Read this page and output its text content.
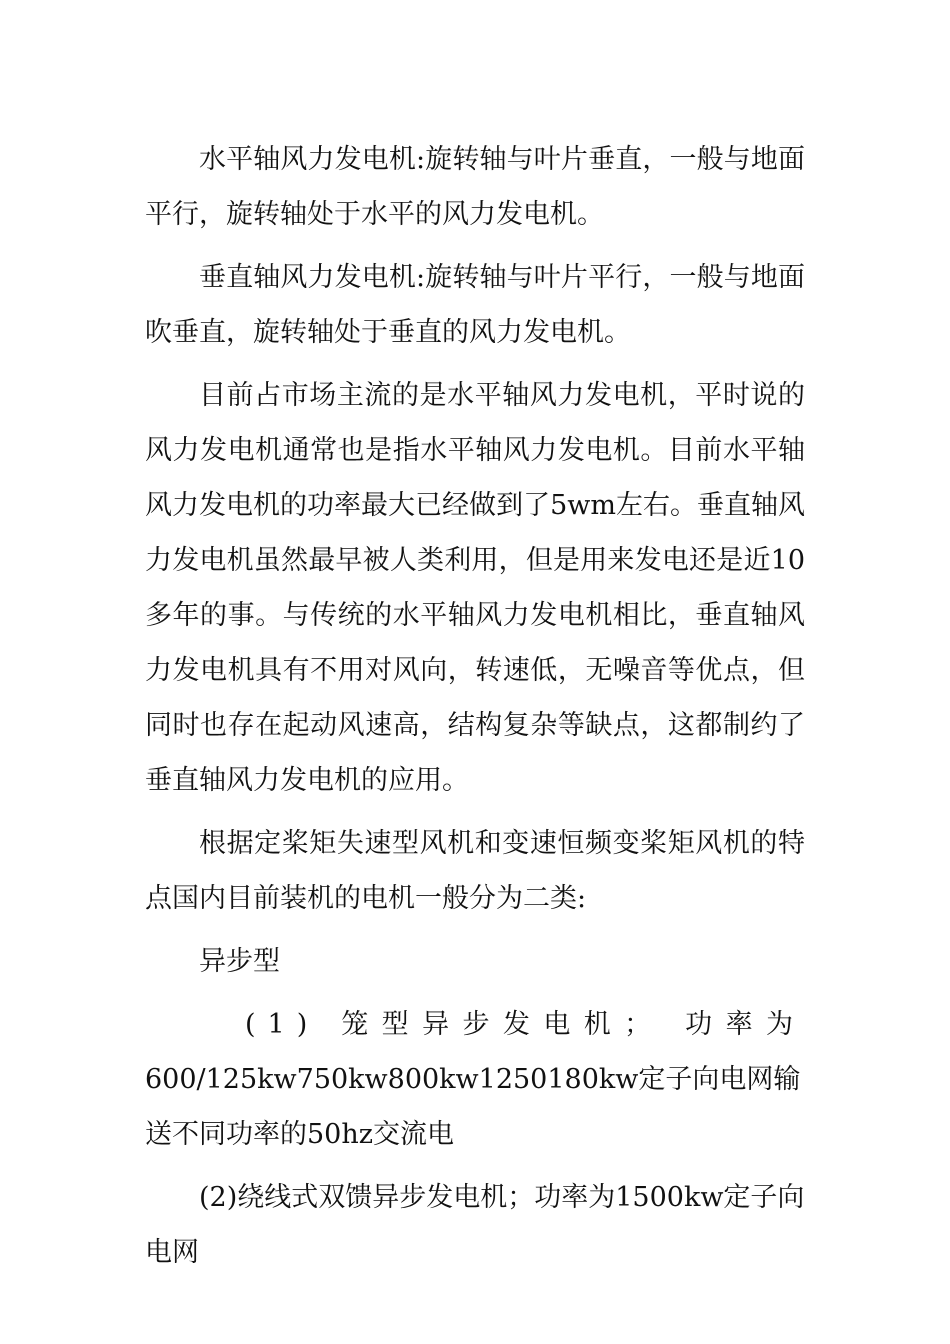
水平轴风力发电机:旋转轴与叶片垂直，一般与地面平行，旋转轴处于水平的风力发电机。

垂直轴风力发电机:旋转轴与叶片平行，一般与地面吹垂直，旋转轴处于垂直的风力发电机。

目前占市场主流的是水平轴风力发电机，平时说的风力发电机通常也是指水平轴风力发电机。目前水平轴风力发电机的功率最大已经做到了5wm左右。垂直轴风力发电机虽然最早被人类利用，但是用来发电还是近10多年的事。与传统的水平轴风力发电机相比，垂直轴风力发电机具有不用对风向，转速低，无噪音等优点，但同时也存在起动风速高，结构复杂等缺点，这都制约了垂直轴风力发电机的应用。

根据定桨矩失速型风机和变速恒频变桨矩风机的特点国内目前装机的电机一般分为二类:

异步型

(1) 笼型异步发电机； 功率为

600/125kw750kw800kw1250180kw定子向电网输送不同功率的50hz交流电

(2)绕线式双馈异步发电机；功率为1500kw定子向电网
